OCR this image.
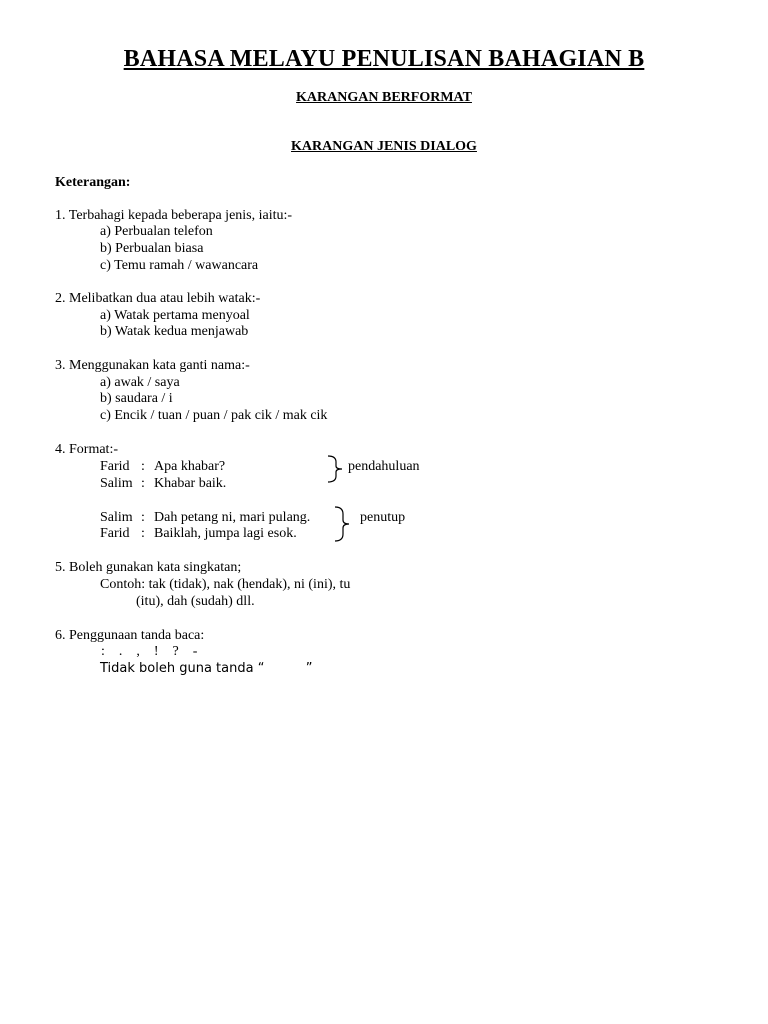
BAHASA MELAYU PENULISAN BAHAGIAN B
KARANGAN BERFORMAT
KARANGAN JENIS DIALOG
Keterangan:
1. Terbahagi kepada beberapa jenis, iaitu:-
a) Perbualan telefon
b) Perbualan biasa
c) Temu ramah / wawancara
2. Melibatkan dua atau lebih watak:-
a) Watak pertama menyoal
b) Watak kedua menjawab
3. Menggunakan kata ganti nama:-
a) awak / saya
b) saudara / i
c) Encik / tuan / puan / pak cik / mak cik
4. Format:-
Farid : Apa khabar?
Salim : Khabar baik.
pendahuluan
Salim : Dah petang ni, mari pulang.
Farid : Baiklah, jumpa lagi esok.
penutup
5. Boleh gunakan kata singkatan;
Contoh: tak (tidak), nak (hendak), ni (ini), tu
(itu), dah (sudah) dll.
6. Penggunaan tanda baca:
:    .    ,    !    ?    -
Tidak boleh guna tanda “          ”
